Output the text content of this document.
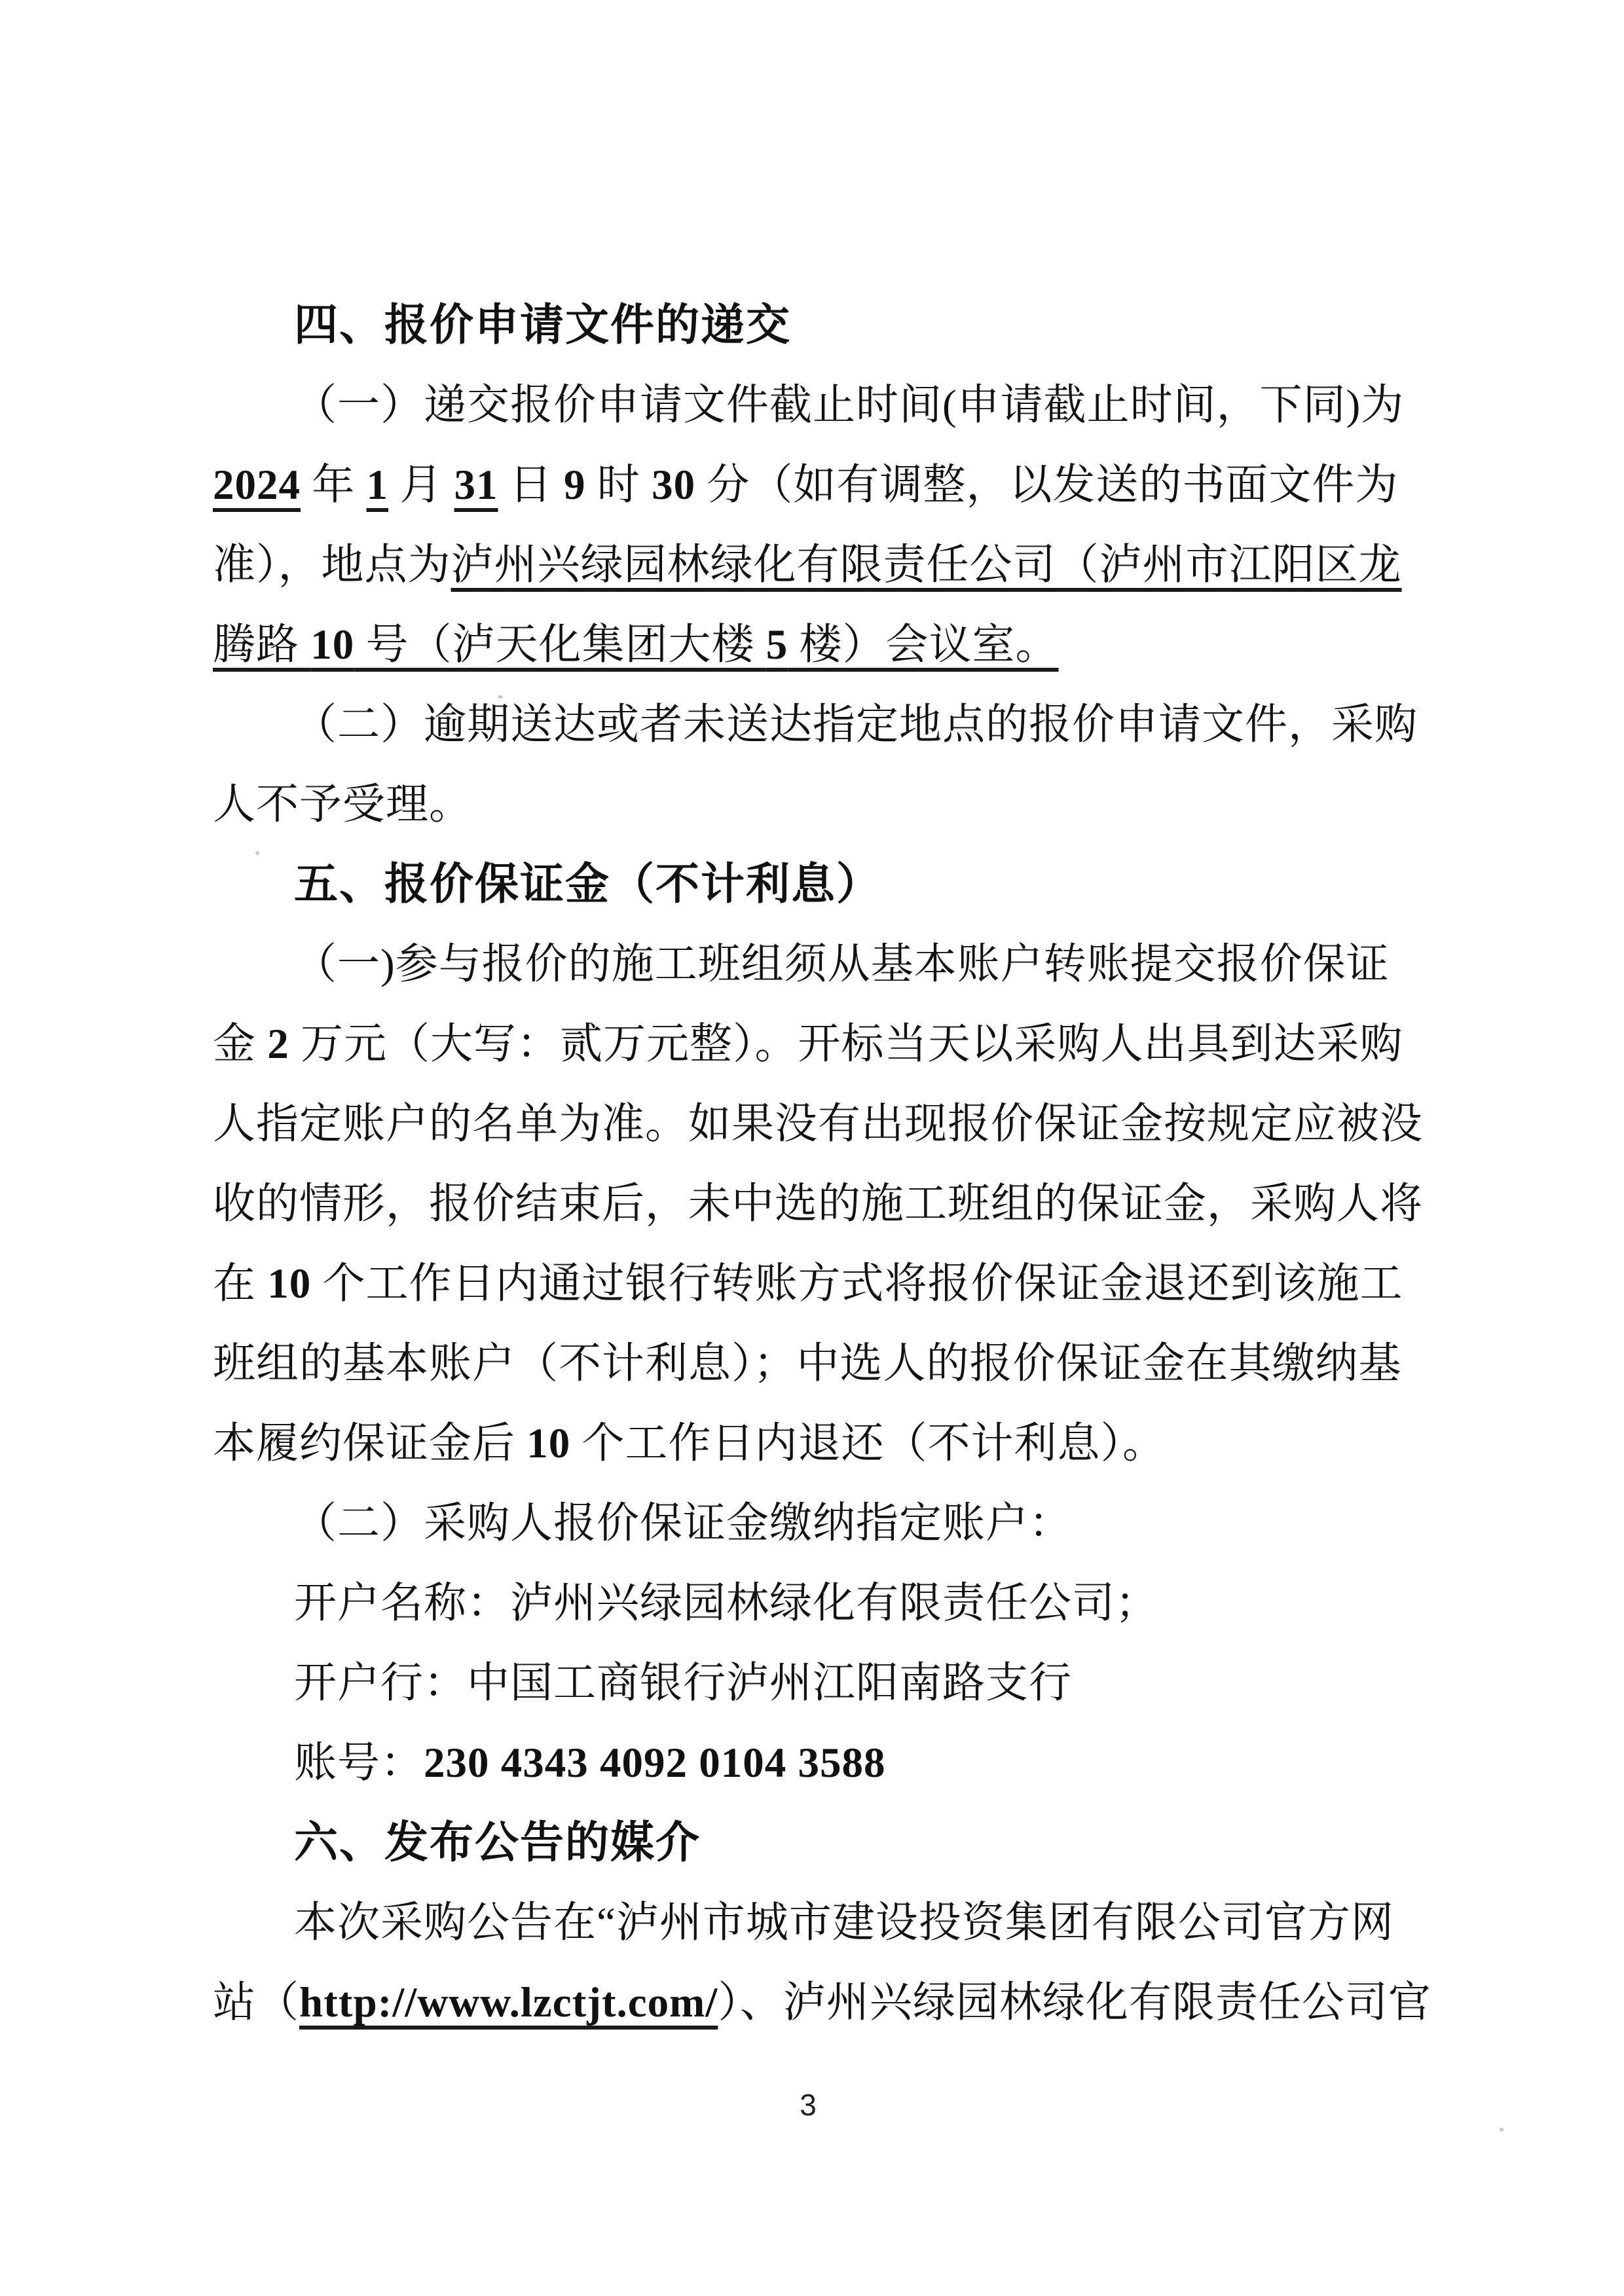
四、报价申请文件的递交
（一）递交报价申请文件截止时间(申请截止时间，下同)为
2024 年 1 月 31 日 9 时 30 分（如有调整，以发送的书面文件为
准），地点为泸州兴绿园林绿化有限责任公司（泸州市江阳区龙
腾路 10 号（泸天化集团大楼 5 楼）会议室。
（二）逾期送达或者未送达指定地点的报价申请文件，采购
人不予受理。
五、报价保证金（不计利息）
（一)参与报价的施工班组须从基本账户转账提交报价保证
金 2 万元（大写：贰万元整）。开标当天以采购人出具到达采购
人指定账户的名单为准。如果没有出现报价保证金按规定应被没
收的情形，报价结束后，未中选的施工班组的保证金，采购人将
在 10 个工作日内通过银行转账方式将报价保证金退还到该施工
班组的基本账户（不计利息）；中选人的报价保证金在其缴纳基
本履约保证金后 10 个工作日内退还（不计利息）。
（二）采购人报价保证金缴纳指定账户：
开户名称：泸州兴绿园林绿化有限责任公司；
开户行：中国工商银行泸州江阳南路支行
账号：230 4343 4092 0104 3588
六、发布公告的媒介
本次采购公告在“泸州市城市建设投资集团有限公司官方网
站（http://www.lzctjt.com/）、泸州兴绿园林绿化有限责任公司官
3
